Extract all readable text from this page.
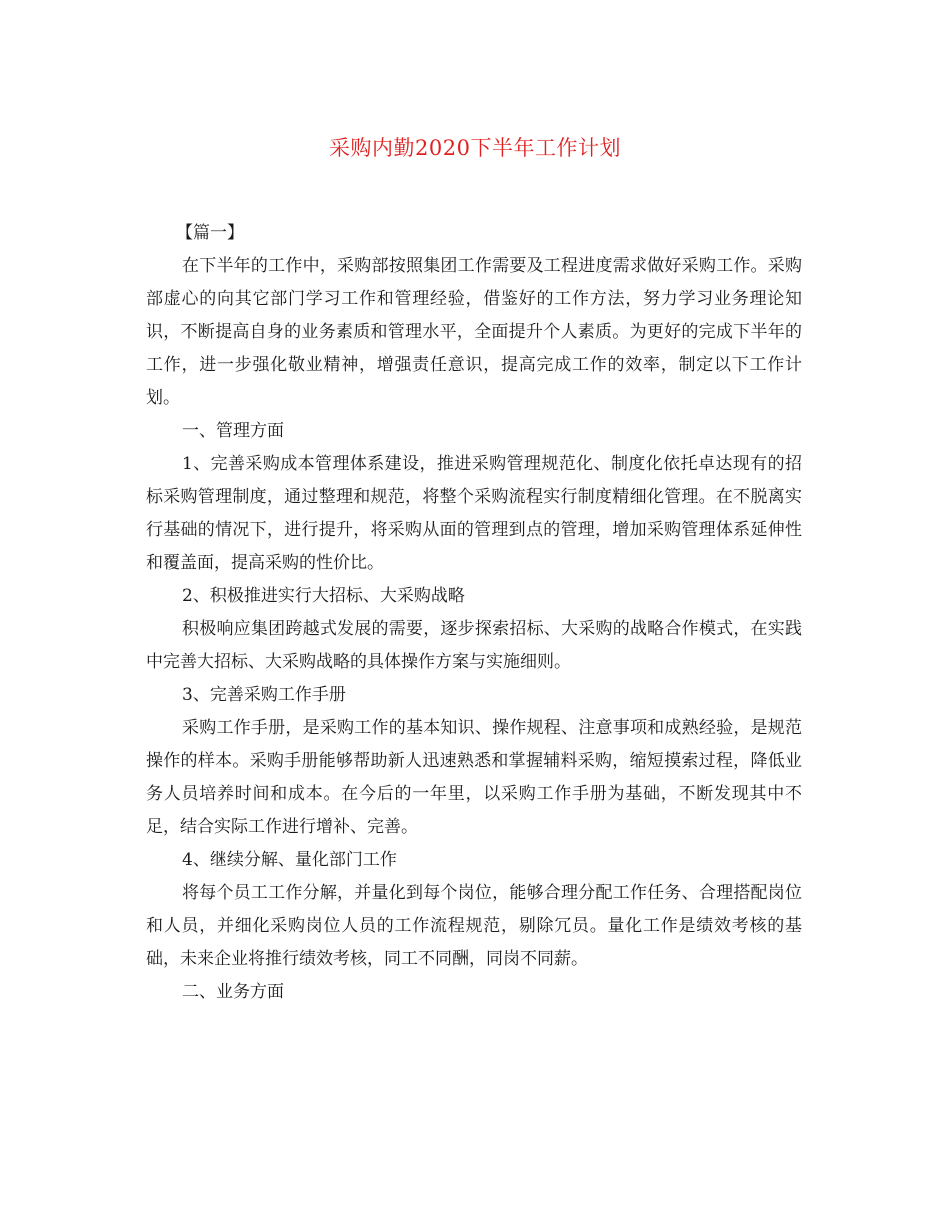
采购内勤2020下半年工作计划

【篇一】

在下半年的工作中，采购部按照集团工作需要及工程进度需求做好采购工作。采购部虚心的向其它部门学习工作和管理经验，借鉴好的工作方法，努力学习业务理论知识，不断提高自身的业务素质和管理水平，全面提升个人素质。为更好的完成下半年的工作，进一步强化敬业精神，增强责任意识，提高完成工作的效率，制定以下工作计划。

一、管理方面

1、完善采购成本管理体系建设，推进采购管理规范化、制度化依托卓达现有的招标采购管理制度，通过整理和规范，将整个采购流程实行制度精细化管理。在不脱离实行基础的情况下，进行提升，将采购从面的管理到点的管理，增加采购管理体系延伸性和覆盖面，提高采购的性价比。

2、积极推进实行大招标、大采购战略

积极响应集团跨越式发展的需要，逐步探索招标、大采购的战略合作模式，在实践中完善大招标、大采购战略的具体操作方案与实施细则。

3、完善采购工作手册

采购工作手册，是采购工作的基本知识、操作规程、注意事项和成熟经验，是规范操作的样本。采购手册能够帮助新人迅速熟悉和掌握辅料采购，缩短摸索过程，降低业务人员培养时间和成本。在今后的一年里，以采购工作手册为基础，不断发现其中不足，结合实际工作进行增补、完善。

4、继续分解、量化部门工作

将每个员工工作分解，并量化到每个岗位，能够合理分配工作任务、合理搭配岗位和人员，并细化采购岗位人员的工作流程规范，剔除冗员。量化工作是绩效考核的基础，未来企业将推行绩效考核，同工不同酬，同岗不同薪。

二、业务方面
